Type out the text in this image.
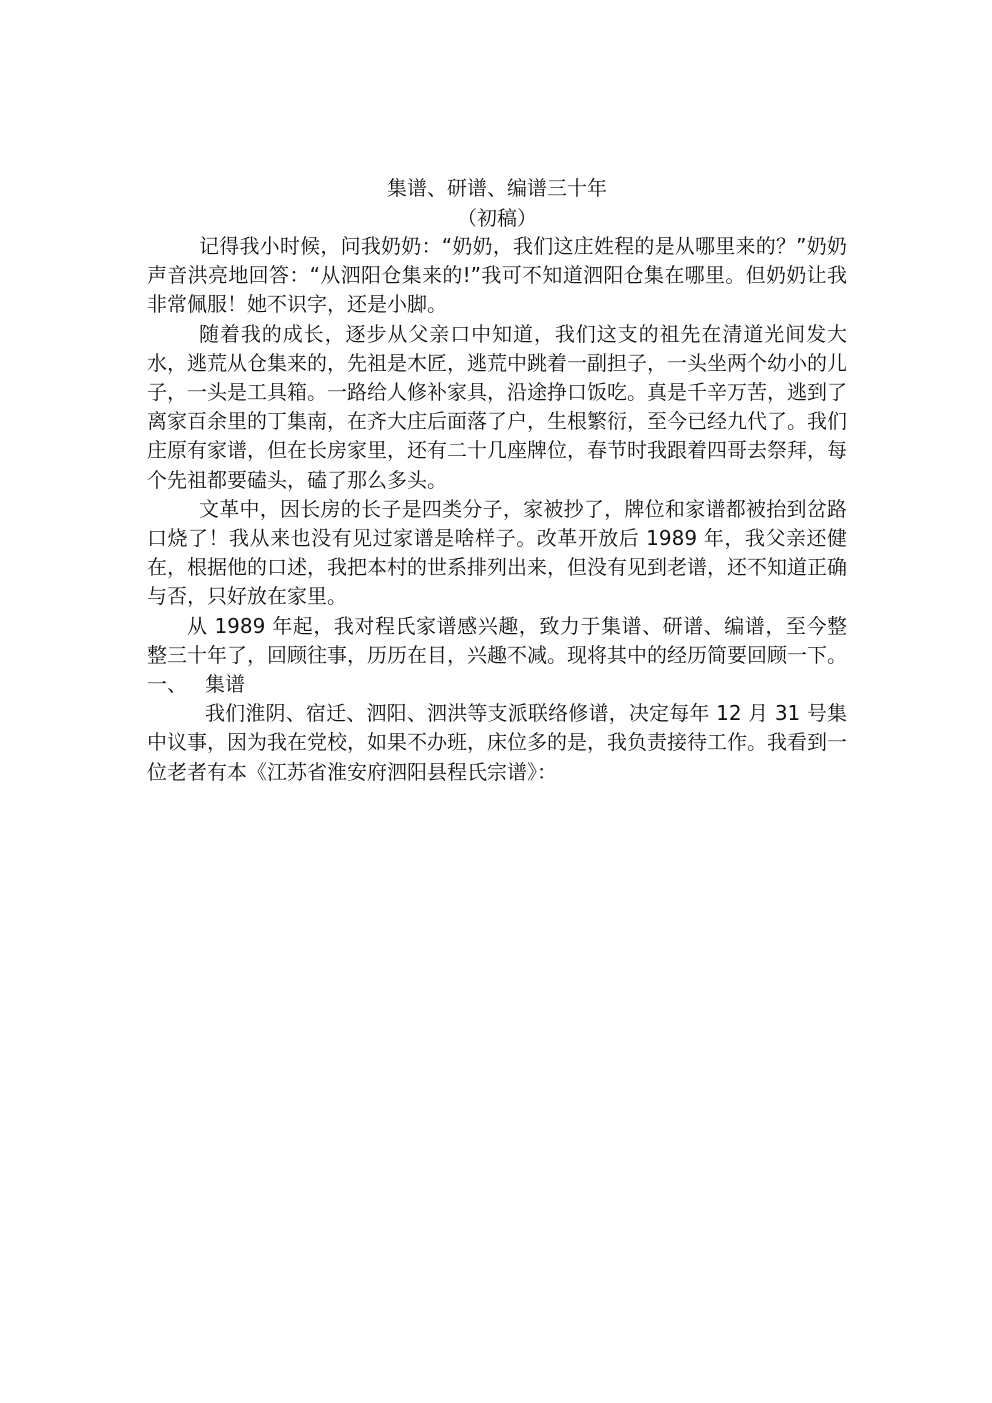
集谱、研谱、编谱三十年

（初稿）

记得我小时候，问我奶奶：“奶奶，我们这庄姓程的是从哪里来的？”奶奶声音洪亮地回答：“从泗阳仓集来的!”我可不知道泗阳仓集在哪里。但奶奶让我非常佩服！她不识字，还是小脚。

随着我的成长，逐步从父亲口中知道，我们这支的祖先在清道光间发大水，逃荒从仓集来的，先祖是木匠，逃荒中跳着一副担子，一头坐两个幼小的儿子，一头是工具箱。一路给人修补家具，沿途挣口饭吃。真是千辛万苦，逃到了离家百余里的丁集南，在齐大庄后面落了户，生根繁衍，至今已经九代了。我们庄原有家谱，但在长房家里，还有二十几座牌位，春节时我跟着四哥去祭拜，每个先祖都要磕头，磕了那么多头。

文革中，因长房的长子是四类分子，家被抄了，牌位和家谱都被抬到岔路口烧了！我从来也没有见过家谱是啥样子。改革开放后 1989 年，我父亲还健在，根据他的口述，我把本村的世系排列出来，但没有见到老谱，还不知道正确与否，只好放在家里。

从 1989 年起，我对程氏家谱感兴趣，致力于集谱、研谱、编谱，至今整整三十年了，回顾往事，历历在目，兴趣不减。现将其中的经历简要回顾一下。

一、 集谱

我们淮阴、宿迁、泗阳、泗洪等支派联络修谱，决定每年 12 月 31 号集中议事，因为我在党校，如果不办班，床位多的是，我负责接待工作。我看到一位老者有本《江苏省淮安府泗阳县程氏宗谱》：
